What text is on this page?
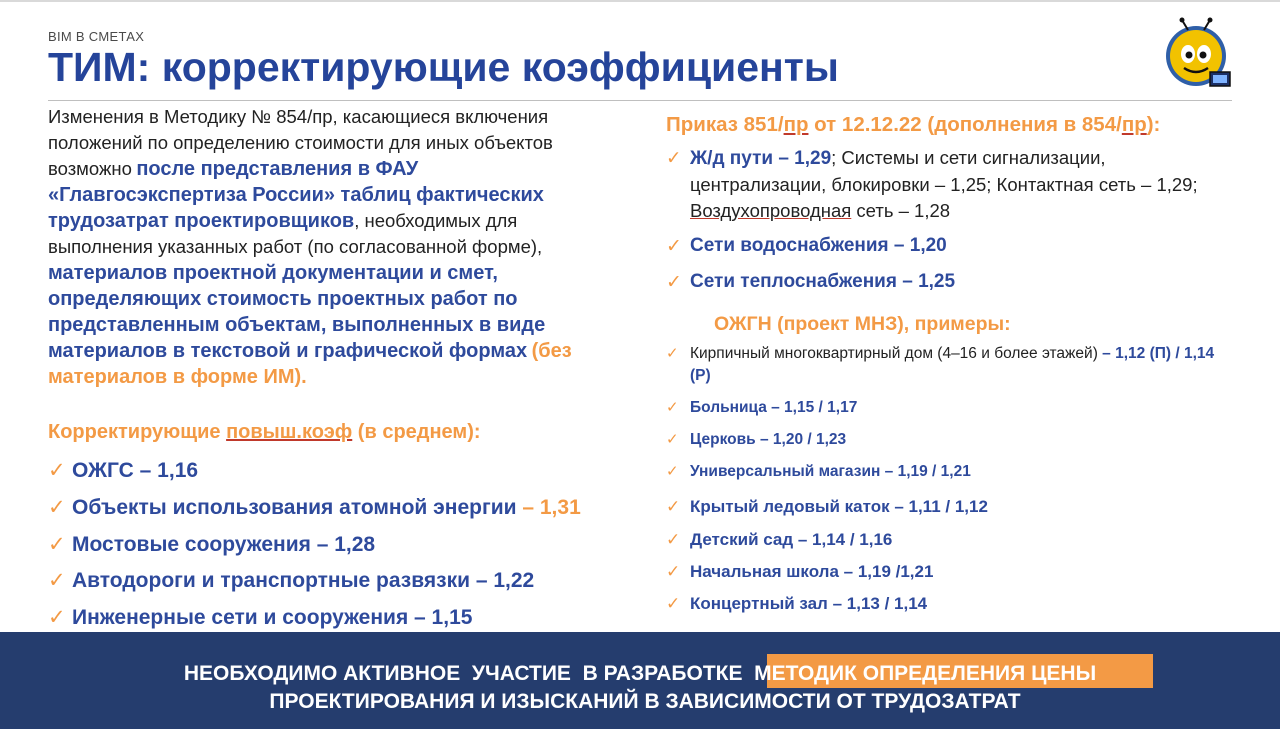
BIM В СМЕТАХ
ТИМ: корректирующие коэффициенты

Изменения в Методику № 854/пр, касающиеся включения положений по определению стоимости для иных объектов возможно после представления в ФАУ «Главгосэкспертиза России» таблиц фактических трудозатрат проектировщиков, необходимых для выполнения указанных работ (по согласованной форме), материалов проектной документации и смет, определяющих стоимость проектных работ по представленным объектам, выполненных в виде материалов в текстовой и графической формах (без материалов в форме ИМ).

Корректирующие повыш.коэф (в среднем):
✓ ОЖГС – 1,16
✓ Объекты использования атомной энергии – 1,31
✓ Мостовые сооружения – 1,28
✓ Автодороги и транспортные развязки – 1,22
✓ Инженерные сети и сооружения – 1,15
Приказ 851/пр от 12.12.22 (дополнения в 854/пр):
✓ Ж/д пути – 1,29; Системы и сети сигнализации, централизации, блокировки – 1,25; Контактная сеть – 1,29; Воздухопроводная сеть – 1,28
✓ Сети водоснабжения – 1,20
✓ Сети теплоснабжения – 1,25
ОЖГН (проект МНЗ), примеры:
✓ Кирпичный многоквартирный дом (4–16 и более этажей) – 1,12 (П) / 1,14 (Р)
✓ Больница – 1,15 / 1,17
✓ Церковь – 1,20 / 1,23
✓ Универсальный магазин – 1,19 / 1,21
✓ Крытый ледовый каток – 1,11 / 1,12
✓ Детский сад – 1,14 / 1,16
✓ Начальная школа – 1,19 /1,21
✓ Концертный зал – 1,13 / 1,14
НЕОБХОДИМО АКТИВНОЕ  УЧАСТИЕ  В РАЗРАБОТКЕ  МЕТОДИК ОПРЕДЕЛЕНИЯ ЦЕНЫ
ПРОЕКТИРОВАНИЯ И ИЗЫСКАНИЙ В ЗАВИСИМОСТИ ОТ ТРУДОЗАТРАТ
